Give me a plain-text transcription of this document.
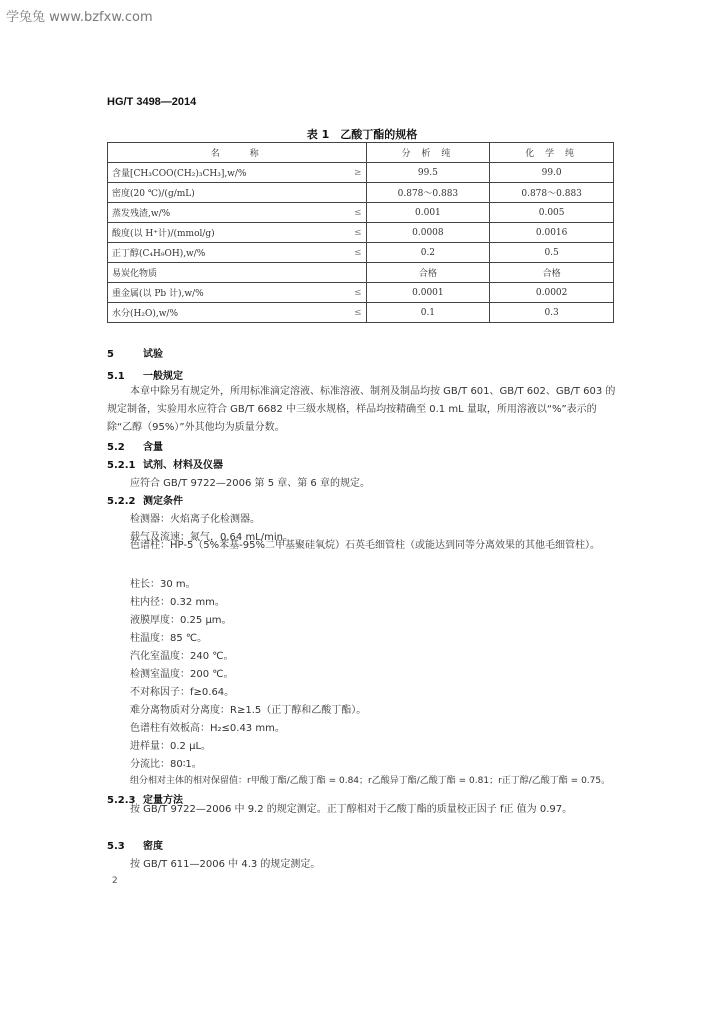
学兔兔 www.bzfxw.com
HG/T 3498—2014
表 1　乙酸丁酯的规格
名　　称		分 析 纯	化 学 纯
含量[CH₃COO(CH₂)₃CH₃],w/%	≥	99.5	99.0
密度(20 ℃)/(g/mL)		0.878～0.883	0.878～0.883
蒸发残渣,w/%	≤	0.001	0.005
酸度(以 H⁺计)/(mmol/g)	≤	0.0008	0.0016
正丁醇(C₄H₉OH),w/%	≤	0.2	0.5
易炭化物质		合格	合格
重金属(以 Pb 计),w/%	≤	0.0001	0.0002
水分(H₂O),w/%	≤	0.1	0.3
5	试验
5.1 一般规定
本章中除另有规定外，所用标准滴定溶液、标准溶液、制剂及制品均按 GB/T 601、GB/T 602、GB/T 603 的规定制备，实验用水应符合 GB/T 6682 中三级水规格，样品均按精确至 0.1 mL 量取，所用溶液以“%”表示的除“乙醇（95%）”外其他均为质量分数。
5.2 含量
5.2.1 试剂、材料及仪器
应符合 GB/T 9722—2006 第 5 章、第 6 章的规定。
5.2.2 测定条件
检测器：火焰离子化检测器。
载气及流速：氮气，0.64 mL/min。
色谱柱：HP-5（5%苯基-95%二甲基聚硅氧烷）石英毛细管柱（或能达到同等分离效果的其他毛细管柱）。
柱长：30 m。
柱内径：0.32 mm。
液膜厚度：0.25 μm。
柱温度：85 ℃。
汽化室温度：240 ℃。
检测室温度：200 ℃。
不对称因子：f≥0.64。
难分离物质对分离度：R≥1.5（正丁醇和乙酸丁酯）。
色谱柱有效板高：H₂≤0.43 mm。
进样量：0.2 μL。
分流比：80∶1。
组分相对主体的相对保留值：r甲酸丁酯/乙酸丁酯 = 0.84；r乙酸异丁酯/乙酸丁酯 = 0.81；r正丁醇/乙酸丁酯 = 0.75。
5.2.3 定量方法
按 GB/T 9722—2006 中 9.2 的规定测定。正丁醇相对于乙酸丁酯的质量校正因子 f正 值为 0.97。
5.3 密度
按 GB/T 611—2006 中 4.3 的规定测定。
2
